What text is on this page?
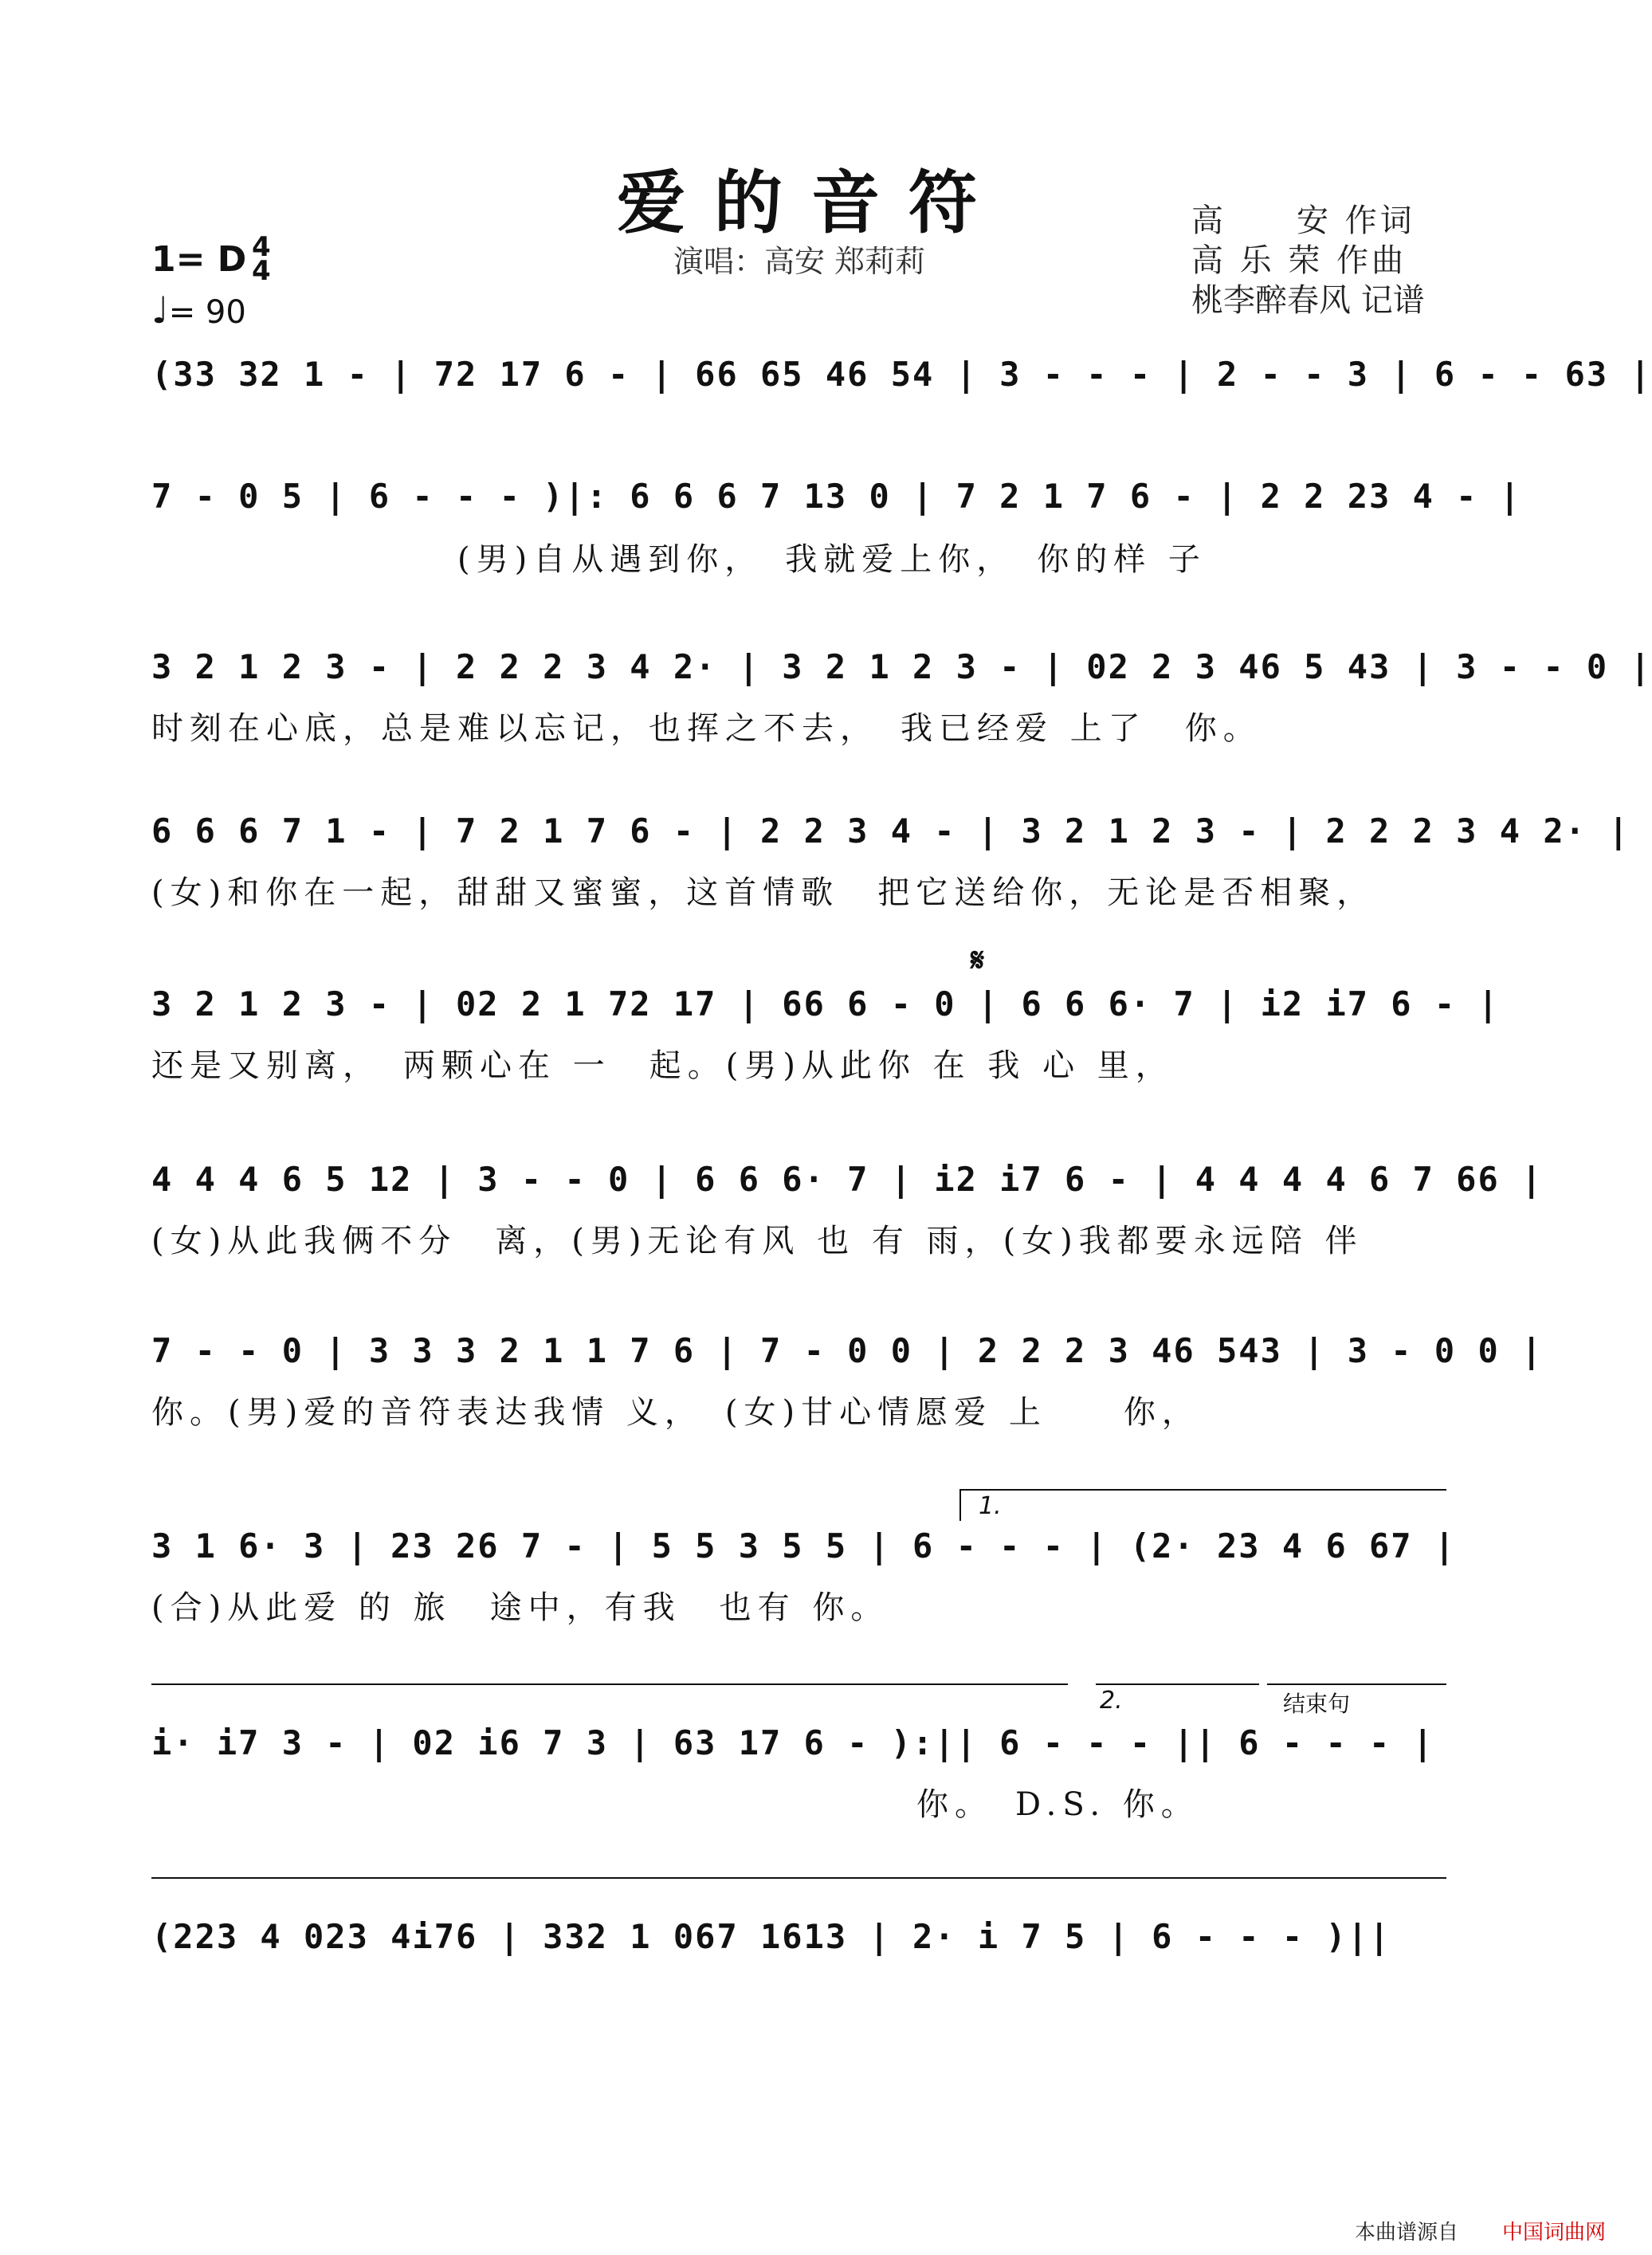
爱的音符
演唱：高安 郑莉莉
高　　安 作词
高 乐 荣 作曲
桃李醉春风 记谱
1= D 4
4
♩= 90
(33 32 1 - | 72 17 6 - | 66 65 46 54 | 3 - - - | 2 - - 3 | 6 - - 63 |
7 - 0 5 | 6 - - - )|: 6 6 6 7 13 0 | 7 2 1 7 6 - | 2 2 23 4 - |
　　　　　　　　(男)自从遇到你，　我就爱上你，　你的样 子
3 2 1 2 3 - | 2 2 2 3 4 2· | 3 2 1 2 3 - | 02 2 3 46 5 43 | 3 - - 0 |
时刻在心底，总是难以忘记，也挥之不去，　我已经爱 上了　你。
6 6 6 7 1 - | 7 2 1 7 6 - | 2 2 3 4 - | 3 2 1 2 3 - | 2 2 2 3 4 2· |
(女)和你在一起，甜甜又蜜蜜，这首情歌　把它送给你，无论是否相聚，
𝄋
3 2 1 2 3 - | 02 2 1 72 17 | 66 6 - 0 | 6 6 6· 7 | i2 i7 6 - |
还是又别离，　两颗心在 一　起。(男)从此你 在 我 心 里，
4 4 4 6 5 12 | 3 - - 0 | 6 6 6· 7 | i2 i7 6 - | 4 4 4 4 6 7 66 |
(女)从此我俩不分　离，(男)无论有风 也 有 雨，(女)我都要永远陪 伴
7 - - 0 | 3 3 3 2 1 1 7 6 | 7 - 0 0 | 2 2 2 3 46 543 | 3 - 0 0 |
你。(男)爱的音符表达我情 义，　(女)甘心情愿爱 上　　你，
1.
3 1 6· 3 | 23 26 7 - | 5 5 3 5 5 | 6 - - - | (2· 23 4 6 67 |
(合)从此爱 的 旅　途中，有我　也有 你。
2.	结束句
i· i7 3 - | 02 i6 7 3 | 63 17 6 - ):|| 6 - - - || 6 - - - |
　　　　　　　　　　　　　　　　　　　　你。　D.S. 你。
(223 4 023 4i76 | 332 1 067 1613 | 2· i 7 5 | 6 - - - )||
本曲谱源自 中国词曲网
